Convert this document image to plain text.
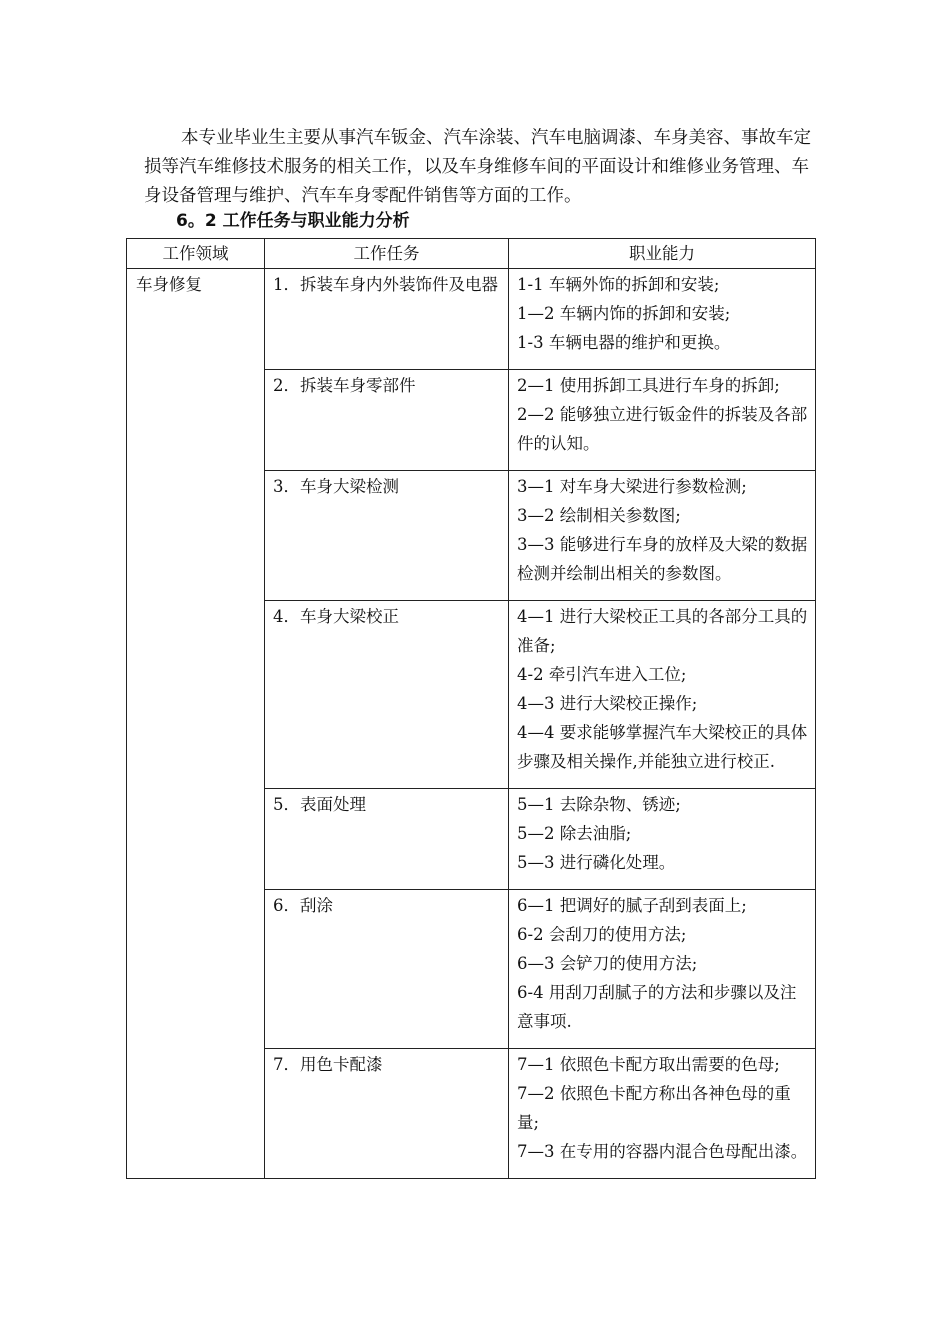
本专业毕业生主要从事汽车钣金、汽车涂装、汽车电脑调漆、车身美容、事故车定损等汽车维修技术服务的相关工作，以及车身维修车间的平面设计和维修业务管理、车身设备管理与维护、汽车车身零配件销售等方面的工作。

6。2 工作任务与职业能力分析

工作领域	工作任务	职业能力
车身修复	1．拆装车身内外装饰件及电器	1-1 车辆外饰的拆卸和安装;
1—2 车辆内饰的拆卸和安装;
1-3 车辆电器的维护和更换。

	2．拆装车身零部件	2—1 使用拆卸工具进行车身的拆卸;
2—2 能够独立进行钣金件的拆装及各部件的认知。

	3．车身大梁检测	3—1 对车身大梁进行参数检测;
3—2 绘制相关参数图;
3—3 能够进行车身的放样及大梁的数据检测并绘制出相关的参数图。

	4．车身大梁校正	4—1 进行大梁校正工具的各部分工具的准备;
4-2 牵引汽车进入工位;
4—3 进行大梁校正操作;
4—4 要求能够掌握汽车大梁校正的具体步骤及相关操作,并能独立进行校正.

	5．表面处理	5—1 去除杂物、锈迹;
5—2 除去油脂;
5—3 进行磷化处理。

	6．刮涂	6—1 把调好的腻子刮到表面上;
6-2 会刮刀的使用方法;
6—3 会铲刀的使用方法;
6-4 用刮刀刮腻子的方法和步骤以及注意事项.

	7．用色卡配漆	7—1 依照色卡配方取出需要的色母;
7—2 依照色卡配方称出各神色母的重量;
7—3 在专用的容器内混合色母配出漆。
